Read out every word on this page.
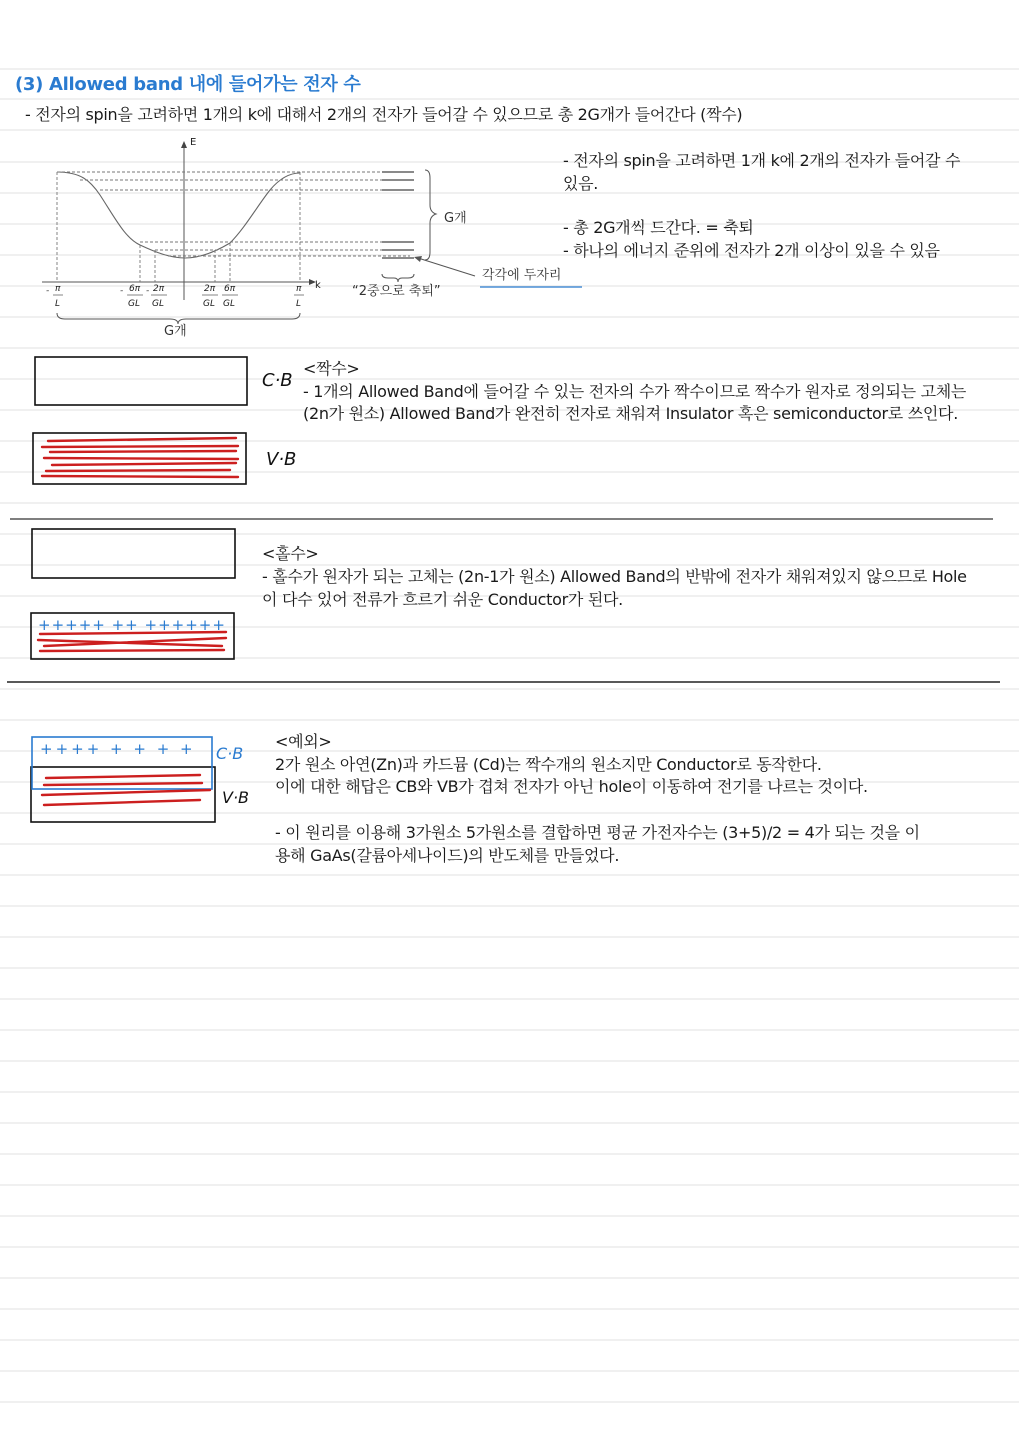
(3) Allowed band 내에 들어가는 전자 수
- 전자의 spin을 고려하면 1개의 k에 대해서 2개의 전자가 들어갈 수 있으므로 총 2G개가 들어간다 (짝수)
E
k
G개
“2중으로 축퇴”
각각에 두자리
- π
L
- 6π
GL
- 2π
GL
2π
GL
6π
GL
π
L
G개
- 전자의 spin을 고려하면 1개 k에 2개의 전자가 들어갈 수
있음.
- 총 2G개씩 드간다. = 축퇴
- 하나의 에너지 준위에 전자가 2개 이상이 있을 수 있음
C·B
V·B
<짝수>
- 1개의 Allowed Band에 들어갈 수 있는 전자의 수가 짝수이므로 짝수가 원자로 정의되는 고체는
(2n가 원소) Allowed Band가 완전히 전자로 채워져 Insulator 혹은 semiconductor로 쓰인다.
+++++ ++ ++++++
<홀수>
- 홀수가 원자가 되는 고체는 (2n-1가 원소) Allowed Band의 반밖에 전자가 채워져있지 않으므로 Hole
이 다수 있어 전류가 흐르기 쉬운 Conductor가 된다.
++++ + + + + C·B
V·B
<예외>
2가 원소 아연(Zn)과 카드뮴 (Cd)는 짝수개의 원소지만 Conductor로 동작한다.
이에 대한 해답은 CB와 VB가 겹쳐 전자가 아닌 hole이 이동하여 전기를 나르는 것이다.
- 이 원리를 이용해 3가원소 5가원소를 결합하면 평균 가전자수는 (3+5)/2 = 4가 되는 것을 이
용해 GaAs(갈륨아세나이드)의 반도체를 만들었다.
